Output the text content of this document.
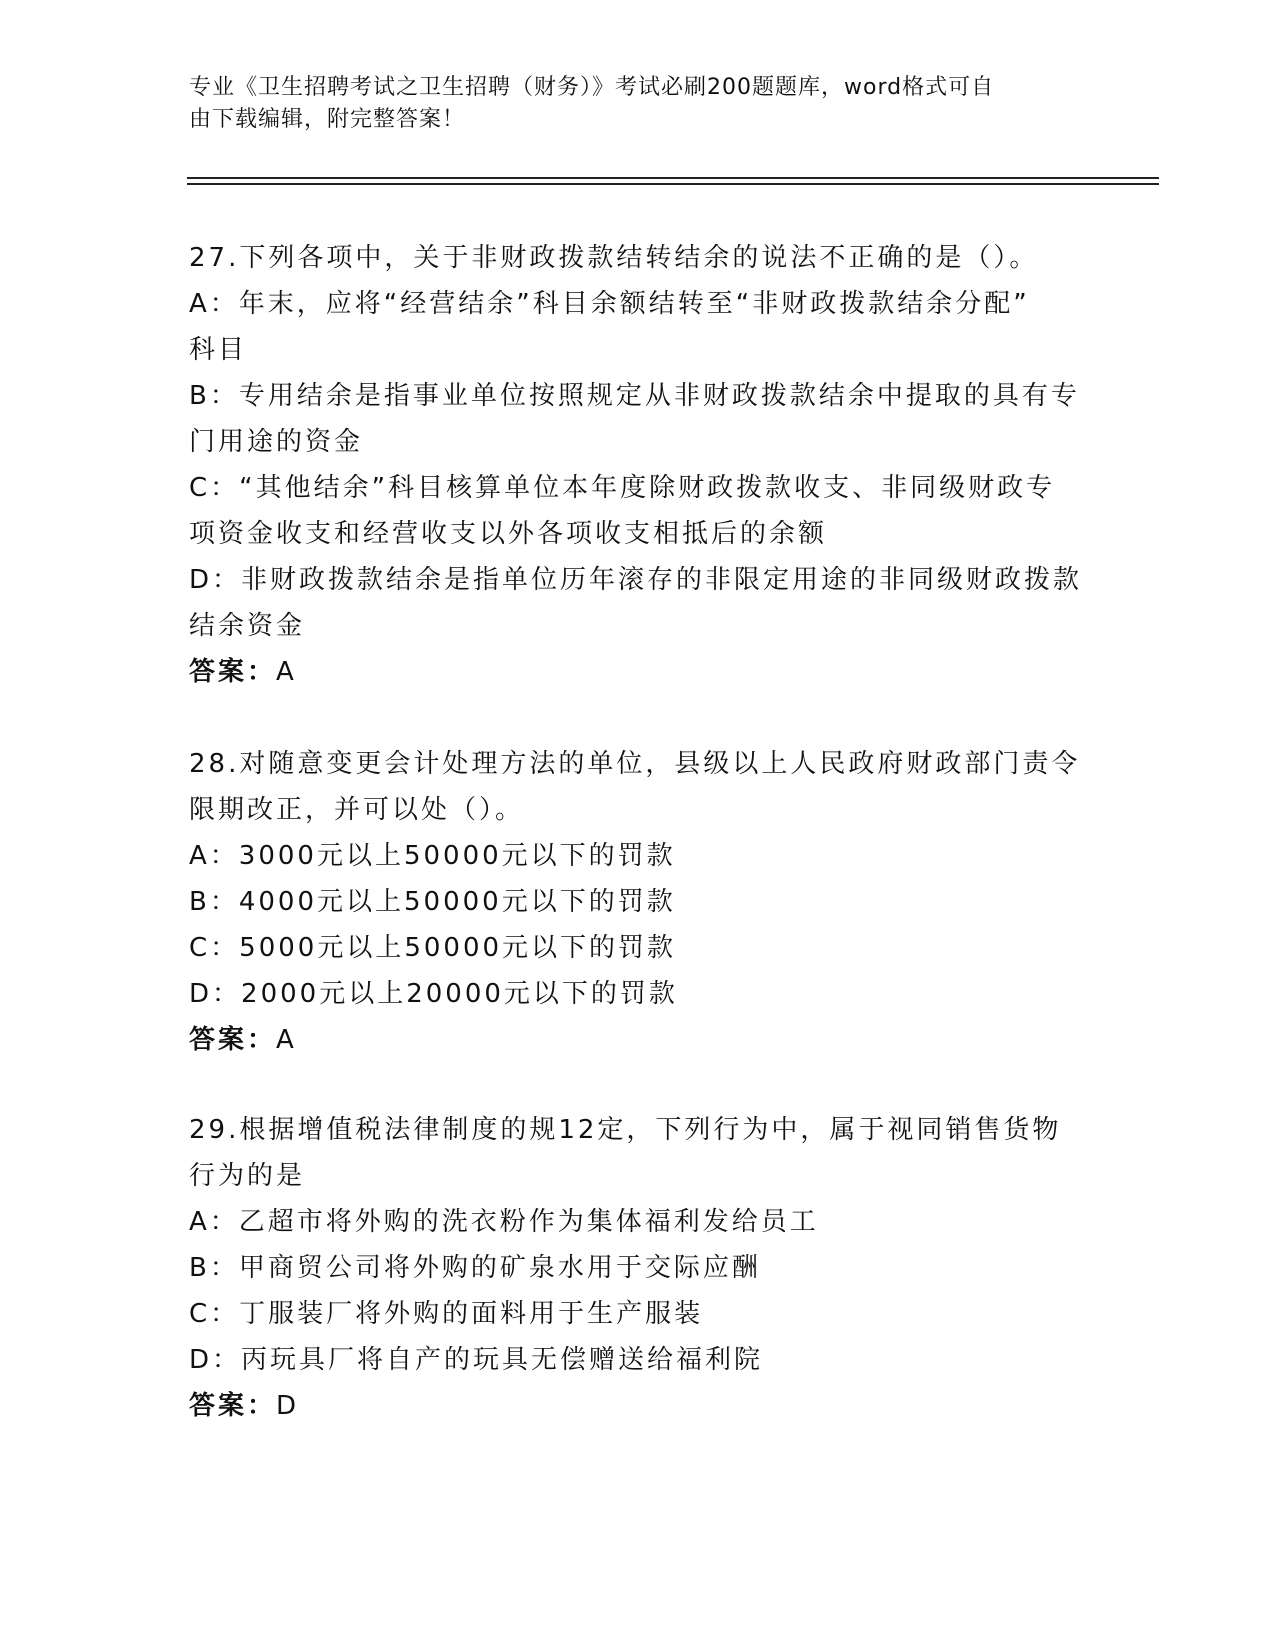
专业《卫生招聘考试之卫生招聘（财务）》考试必刷200题题库，word格式可自
由下载编辑，附完整答案！
27.下列各项中，关于非财政拨款结转结余的说法不正确的是（）。
A：年末，应将“经营结余”科目余额结转至“非财政拨款结余分配”
科目
B：专用结余是指事业单位按照规定从非财政拨款结余中提取的具有专
门用途的资金
C：“其他结余”科目核算单位本年度除财政拨款收支、非同级财政专
项资金收支和经营收支以外各项收支相抵后的余额
D：非财政拨款结余是指单位历年滚存的非限定用途的非同级财政拨款
结余资金
答案：A
28.对随意变更会计处理方法的单位，县级以上人民政府财政部门责令
限期改正，并可以处（）。
A：3000元以上50000元以下的罚款
B：4000元以上50000元以下的罚款
C：5000元以上50000元以下的罚款
D：2000元以上20000元以下的罚款
答案：A
29.根据增值税法律制度的规12定，下列行为中，属于视同销售货物
行为的是
A：乙超市将外购的洗衣粉作为集体福利发给员工
B：甲商贸公司将外购的矿泉水用于交际应酬
C：丁服装厂将外购的面料用于生产服装
D：丙玩具厂将自产的玩具无偿赠送给福利院
答案：D
